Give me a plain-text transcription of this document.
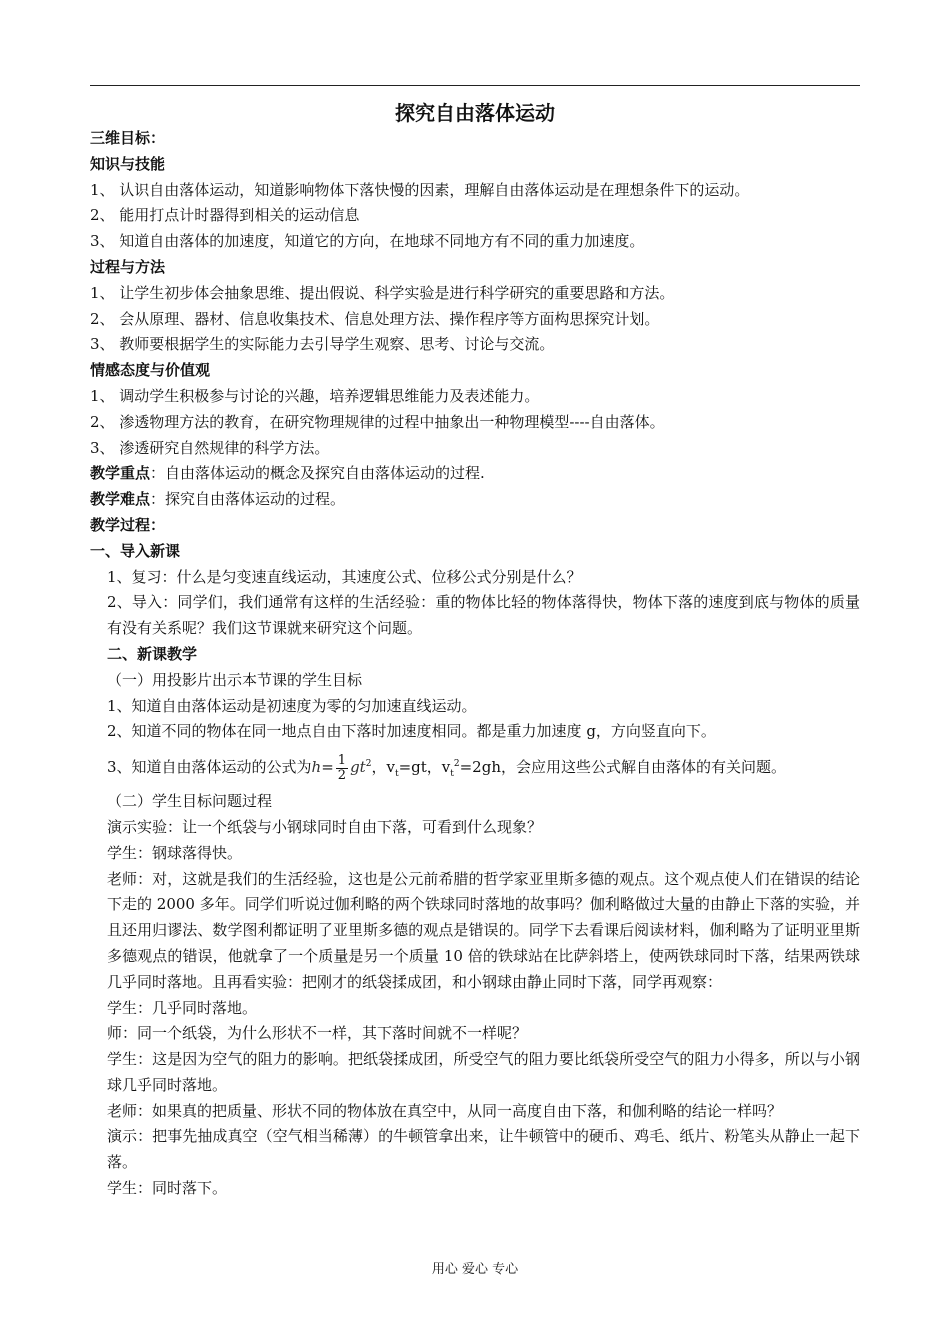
探究自由落体运动

三维目标：

知识与技能

1、 认识自由落体运动，知道影响物体下落快慢的因素，理解自由落体运动是在理想条件下的运动。

2、 能用打点计时器得到相关的运动信息

3、 知道自由落体的加速度，知道它的方向，在地球不同地方有不同的重力加速度。

过程与方法

1、 让学生初步体会抽象思维、提出假说、科学实验是进行科学研究的重要思路和方法。

2、 会从原理、器材、信息收集技术、信息处理方法、操作程序等方面构思探究计划。

3、 教师要根据学生的实际能力去引导学生观察、思考、讨论与交流。

情感态度与价值观

1、 调动学生积极参与讨论的兴趣，培养逻辑思维能力及表述能力。

2、 渗透物理方法的教育，在研究物理规律的过程中抽象出一种物理模型----自由落体。

3、 渗透研究自然规律的科学方法。

教学重点：自由落体运动的概念及探究自由落体运动的过程.

教学难点：探究自由落体运动的过程。

教学过程：

一、导入新课

1、复习：什么是匀变速直线运动，其速度公式、位移公式分别是什么？

2、导入：同学们，我们通常有这样的生活经验：重的物体比轻的物体落得快，物体下落的速度到底与物体的质量有没有关系呢？我们这节课就来研究这个问题。

二、新课教学

（一）用投影片出示本节课的学生目标

1、知道自由落体运动是初速度为零的匀加速直线运动。

2、知道不同的物体在同一地点自由下落时加速度相同。都是重力加速度 g，方向竖直向下。

3、知道自由落体运动的公式为$h= \frac{1}{2} gt^2$，$v_t=gt$，$v_t^2=2gh$，会应用这些公式解自由落体的有关问题。

（二）学生目标问题过程

演示实验：让一个纸袋与小钢球同时自由下落，可看到什么现象？

学生：钢球落得快。

老师：对，这就是我们的生活经验，这也是公元前希腊的哲学家亚里斯多德的观点。这个观点使人们在错误的结论下走的 2000 多年。同学们听说过伽利略的两个铁球同时落地的故事吗？伽利略做过大量的由静止下落的实验，并且还用归谬法、数学图利都证明了亚里斯多德的观点是错误的。同学下去看课后阅读材料，伽利略为了证明亚里斯多德观点的错误，他就拿了一个质量是另一个质量 10 倍的铁球站在比萨斜塔上，使两铁球同时下落，结果两铁球几乎同时落地。且再看实验：把刚才的纸袋揉成团，和小钢球由静止同时下落，同学再观察：

学生：几乎同时落地。

师：同一个纸袋，为什么形状不一样，其下落时间就不一样呢？

学生：这是因为空气的阻力的影响。把纸袋揉成团，所受空气的阻力要比纸袋所受空气的阻力小得多，所以与小钢球几乎同时落地。

老师：如果真的把质量、形状不同的物体放在真空中，从同一高度自由下落，和伽利略的结论一样吗？

演示：把事先抽成真空（空气相当稀薄）的牛顿管拿出来，让牛顿管中的硬币、鸡毛、纸片、粉笔头从静止一起下落。

学生：同时落下。

用心 爱心 专心
